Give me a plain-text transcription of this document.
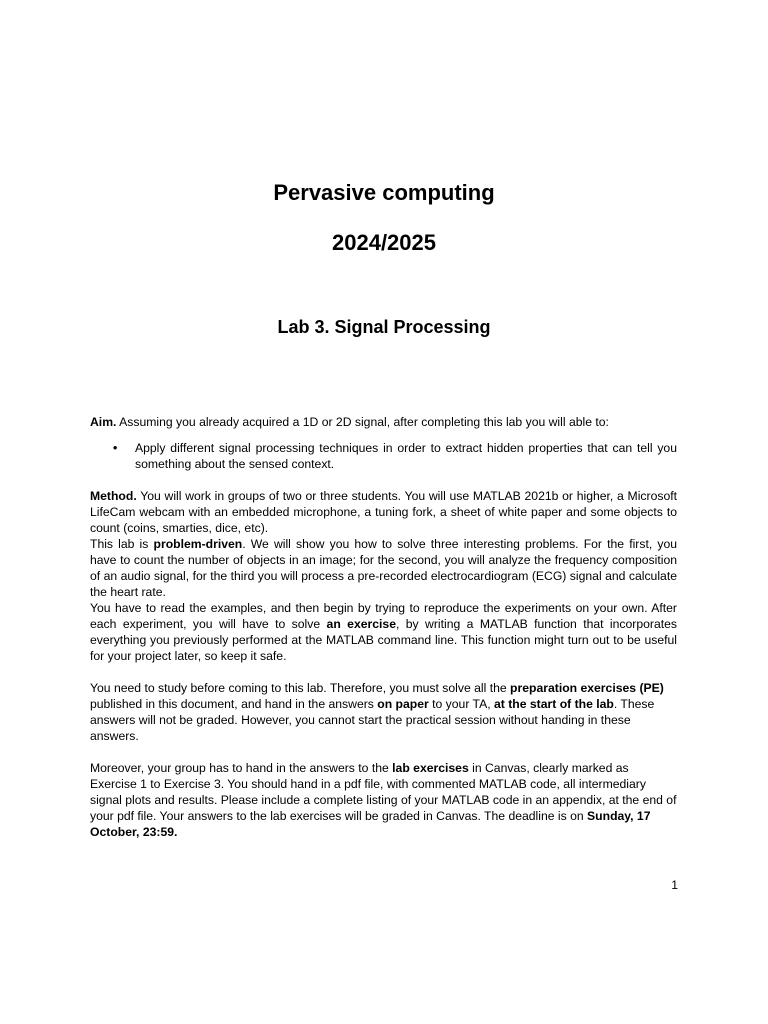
Pervasive computing
2024/2025
Lab 3. Signal Processing

Aim. Assuming you already acquired a 1D or 2D signal, after completing this lab you will able to:

• Apply different signal processing techniques in order to extract hidden properties that can tell you something about the sensed context.

Method. You will work in groups of two or three students. You will use MATLAB 2021b or higher, a Microsoft LifeCam webcam with an embedded microphone, a tuning fork, a sheet of white paper and some objects to count (coins, smarties, dice, etc).

This lab is problem-driven. We will show you how to solve three interesting problems. For the first, you have to count the number of objects in an image; for the second, you will analyze the frequency composition of an audio signal, for the third you will process a pre-recorded electrocardiogram (ECG) signal and calculate the heart rate.

You have to read the examples, and then begin by trying to reproduce the experiments on your own. After each experiment, you will have to solve an exercise, by writing a MATLAB function that incorporates everything you previously performed at the MATLAB command line. This function might turn out to be useful for your project later, so keep it safe.

You need to study before coming to this lab. Therefore, you must solve all the preparation exercises (PE) published in this document, and hand in the answers on paper to your TA, at the start of the lab. These answers will not be graded. However, you cannot start the practical session without handing in these answers.

Moreover, your group has to hand in the answers to the lab exercises in Canvas, clearly marked as Exercise 1 to Exercise 3. You should hand in a pdf file, with commented MATLAB code, all intermediary signal plots and results. Please include a complete listing of your MATLAB code in an appendix, at the end of your pdf file. Your answers to the lab exercises will be graded in Canvas. The deadline is on Sunday, 17 October, 23:59.

1
